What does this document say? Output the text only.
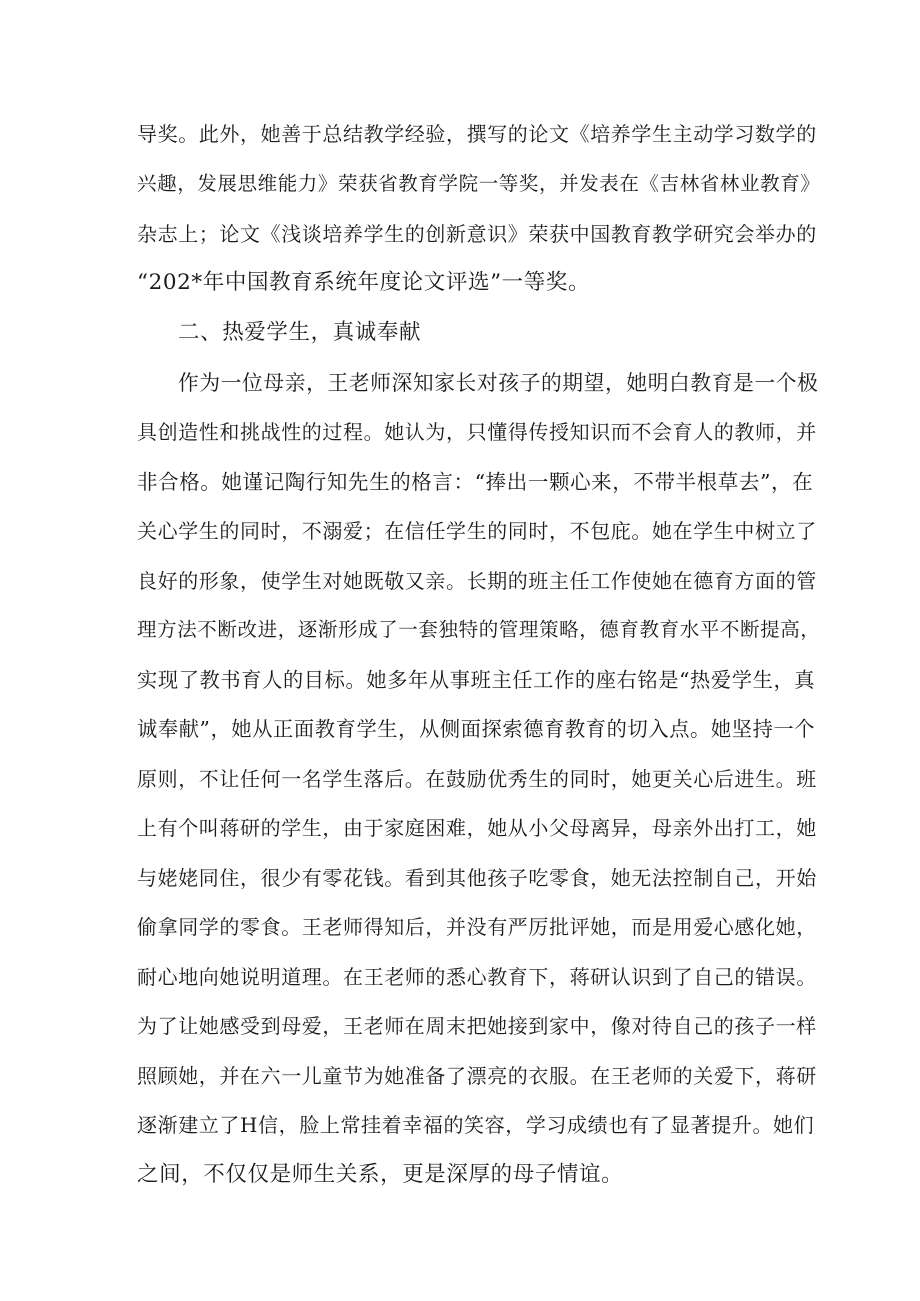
导奖。此外，她善于总结教学经验，撰写的论文《培养学生主动学习数学的
兴趣，发展思维能力》荣获省教育学院一等奖，并发表在《吉林省林业教育》
杂志上；论文《浅谈培养学生的创新意识》荣获中国教育教学研究会举办的
“202*年中国教育系统年度论文评选”一等奖。
二、热爱学生，真诚奉献
作为一位母亲，王老师深知家长对孩子的期望，她明白教育是一个极
具创造性和挑战性的过程。她认为，只懂得传授知识而不会育人的教师，并
非合格。她谨记陶行知先生的格言：“捧出一颗心来，不带半根草去”，在
关心学生的同时，不溺爱；在信任学生的同时，不包庇。她在学生中树立了
良好的形象，使学生对她既敬又亲。长期的班主任工作使她在德育方面的管
理方法不断改进，逐渐形成了一套独特的管理策略，德育教育水平不断提高，
实现了教书育人的目标。她多年从事班主任工作的座右铭是“热爱学生，真
诚奉献”，她从正面教育学生，从侧面探索德育教育的切入点。她坚持一个
原则，不让任何一名学生落后。在鼓励优秀生的同时，她更关心后进生。班
上有个叫蒋研的学生，由于家庭困难，她从小父母离异，母亲外出打工，她
与姥姥同住，很少有零花钱。看到其他孩子吃零食，她无法控制自己，开始
偷拿同学的零食。王老师得知后，并没有严厉批评她，而是用爱心感化她，
耐心地向她说明道理。在王老师的悉心教育下，蒋研认识到了自己的错误。
为了让她感受到母爱，王老师在周末把她接到家中，像对待自己的孩子一样
照顾她，并在六一儿童节为她准备了漂亮的衣服。在王老师的关爱下，蒋研
逐渐建立了H信，脸上常挂着幸福的笑容，学习成绩也有了显著提升。她们
之间，不仅仅是师生关系，更是深厚的母子情谊。
